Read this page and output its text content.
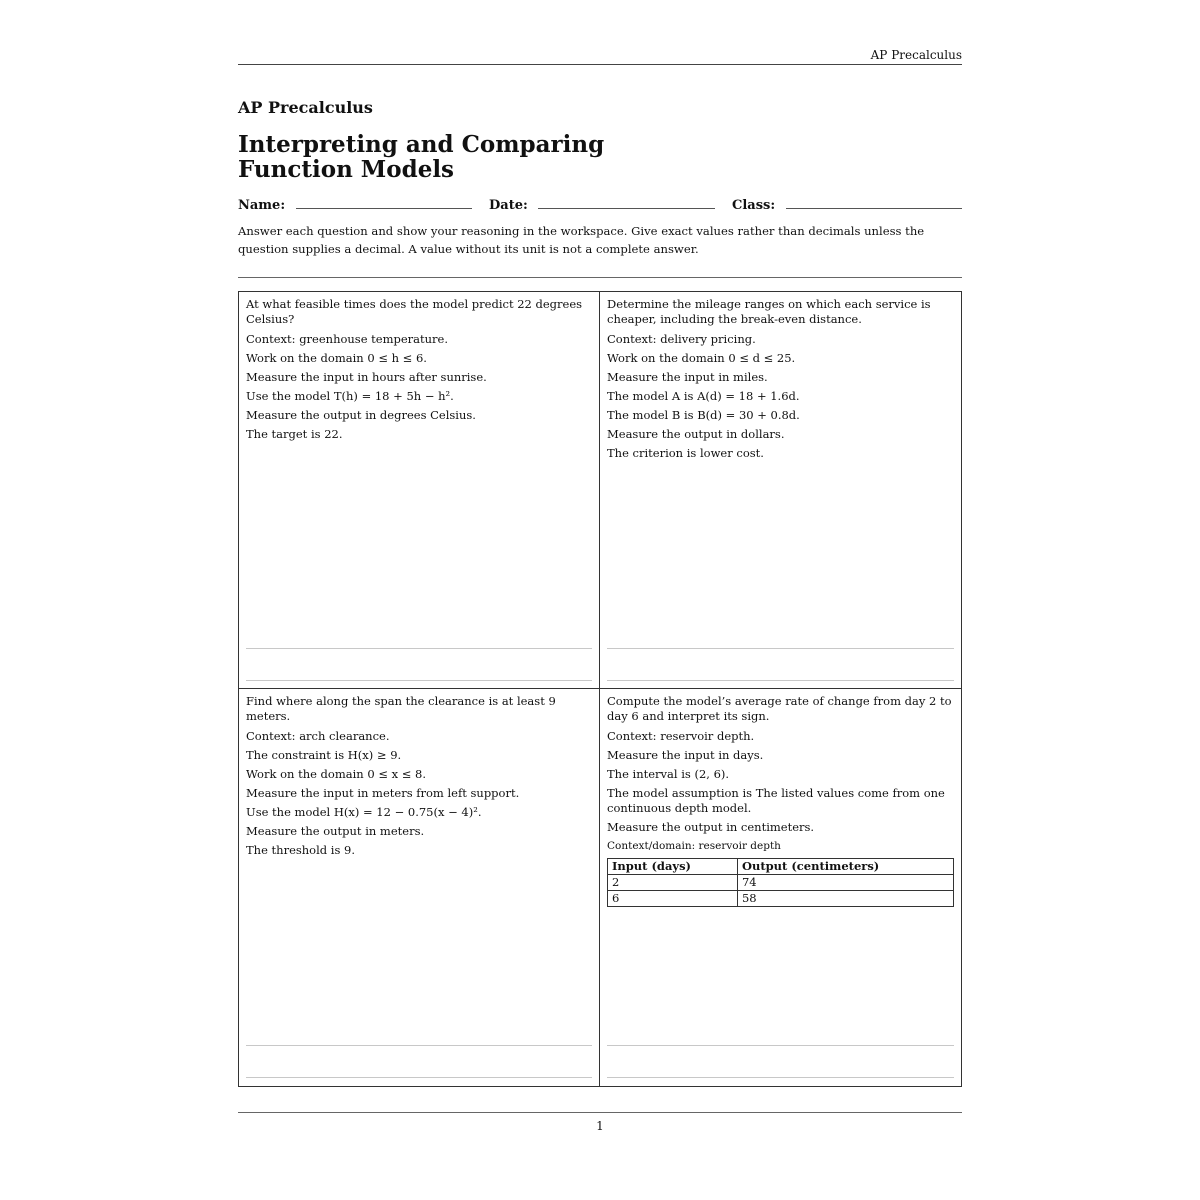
AP Precalculus
AP Precalculus
Interpreting and Comparing Function Models
Name:	Date:	Class:
Answer each question and show your reasoning in the workspace. Give exact values rather than decimals unless the question supplies a decimal. A value without its unit is not a complete answer.

At what feasible times does the model predict 22 degrees Celsius?

Context: greenhouse temperature.

Work on the domain 0 ≤ h ≤ 6.

Measure the input in hours after sunrise.

Use the model T(h) = 18 + 5h − h².

Measure the output in degrees Celsius.

The target is 22.

Determine the mileage ranges on which each service is cheaper, including the break-even distance.

Context: delivery pricing.

Work on the domain 0 ≤ d ≤ 25.

Measure the input in miles.

The model A is A(d) = 18 + 1.6d.

The model B is B(d) = 30 + 0.8d.

Measure the output in dollars.

The criterion is lower cost.

Find where along the span the clearance is at least 9 meters.

Context: arch clearance.

The constraint is H(x) ≥ 9.

Work on the domain 0 ≤ x ≤ 8.

Measure the input in meters from left support.

Use the model H(x) = 12 − 0.75(x − 4)².

Measure the output in meters.

The threshold is 9.

Compute the model’s average rate of change from day 2 to day 6 and interpret its sign.

Context: reservoir depth.

Measure the input in days.

The interval is (2, 6).

The model assumption is The listed values come from one continuous depth model.

Measure the output in centimeters.

Context/domain: reservoir depth

Input (days)	Output (centimeters)
2	74
6	58
1
